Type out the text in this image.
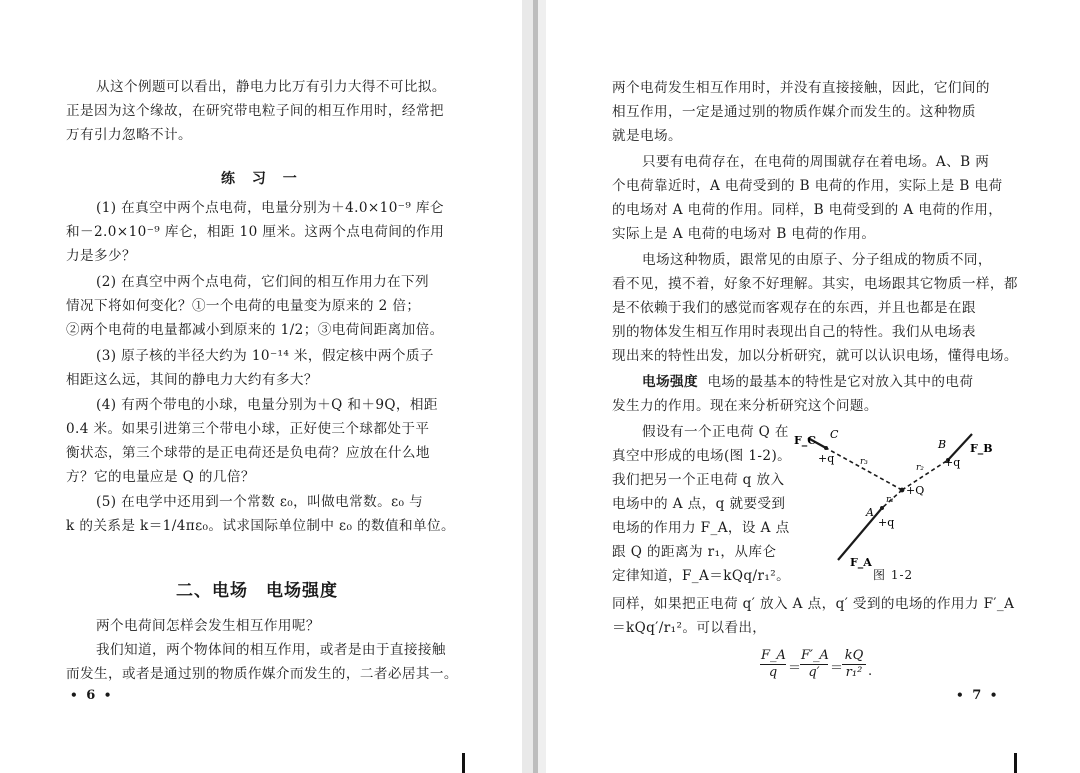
从这个例题可以看出，静电力比万有引力大得不可比拟。
正是因为这个缘故，在研究带电粒子间的相互作用时，经常把
万有引力忽略不计。
练 习 一
(1) 在真空中两个点电荷，电量分别为＋4.0×10⁻⁹ 库仑
和－2.0×10⁻⁹ 库仑，相距 10 厘米。这两个点电荷间的作用
力是多少？
(2) 在真空中两个点电荷，它们间的相互作用力在下列
情况下将如何变化？①一个电荷的电量变为原来的 2 倍；
②两个电荷的电量都减小到原来的 1/2；③电荷间距离加倍。
(3) 原子核的半径大约为 10⁻¹⁴ 米，假定核中两个质子
相距这么远，其间的静电力大约有多大？
(4) 有两个带电的小球，电量分别为＋Q 和＋9Q，相距
0.4 米。如果引进第三个带电小球，正好使三个球都处于平
衡状态，第三个球带的是正电荷还是负电荷？应放在什么地
方？它的电量应是 Q 的几倍？
(5) 在电学中还用到一个常数 ε₀，叫做电常数。ε₀ 与
k 的关系是 k＝1/4πε₀。试求国际单位制中 ε₀ 的数值和单位。
二、电场　电场强度
两个电荷间怎样会发生相互作用呢？
我们知道，两个物体间的相互作用，或者是由于直接接触
而发生，或者是通过别的物质作媒介而发生的，二者必居其一。
• 6 •
两个电荷发生相互作用时，并没有直接接触，因此，它们间的
相互作用，一定是通过别的物质作媒介而发生的。这种物质
就是电场。
只要有电荷存在，在电荷的周围就存在着电场。A、B 两
个电荷靠近时，A 电荷受到的 B 电荷的作用，实际上是 B 电荷
的电场对 A 电荷的作用。同样，B 电荷受到的 A 电荷的作用，
实际上是 A 电荷的电场对 B 电荷的作用。
电场这种物质，跟常见的由原子、分子组成的物质不同，
看不见，摸不着，好象不好理解。其实，电场跟其它物质一样，都
是不依赖于我们的感觉而客观存在的东西，并且也都是在跟
别的物体发生相互作用时表现出自己的特性。我们从电场表
现出来的特性出发，加以分析研究，就可以认识电场，懂得电场。
电场强度 电场的最基本的特性是它对放入其中的电荷
发生力的作用。现在来分析研究这个问题。
假设有一个正电荷 Q 在
真空中形成的电场(图 1-2)。
我们把另一个正电荷 q 放入
电场中的 A 点，q 就要受到
电场的作用力 F_A，设 A 点
跟 Q 的距离为 r₁，从库仑
定律知道，F_A＝kQq/r₁²。
F_C C
+q
B F_B
+q
+Q
A
+q
F_A
r₁
r₂
r₃
图 1-2
同样，如果把正电荷 q′ 放入 A 点，q′ 受到的电场的作用力 F′_A
＝kQq′/r₁²。可以看出，
$\frac{F\_A}{q}$ ＝
$\frac{F'\_A}{q'}$ ＝
$\frac{kQ}{\text{r₁²}}$ .
• 7 •
